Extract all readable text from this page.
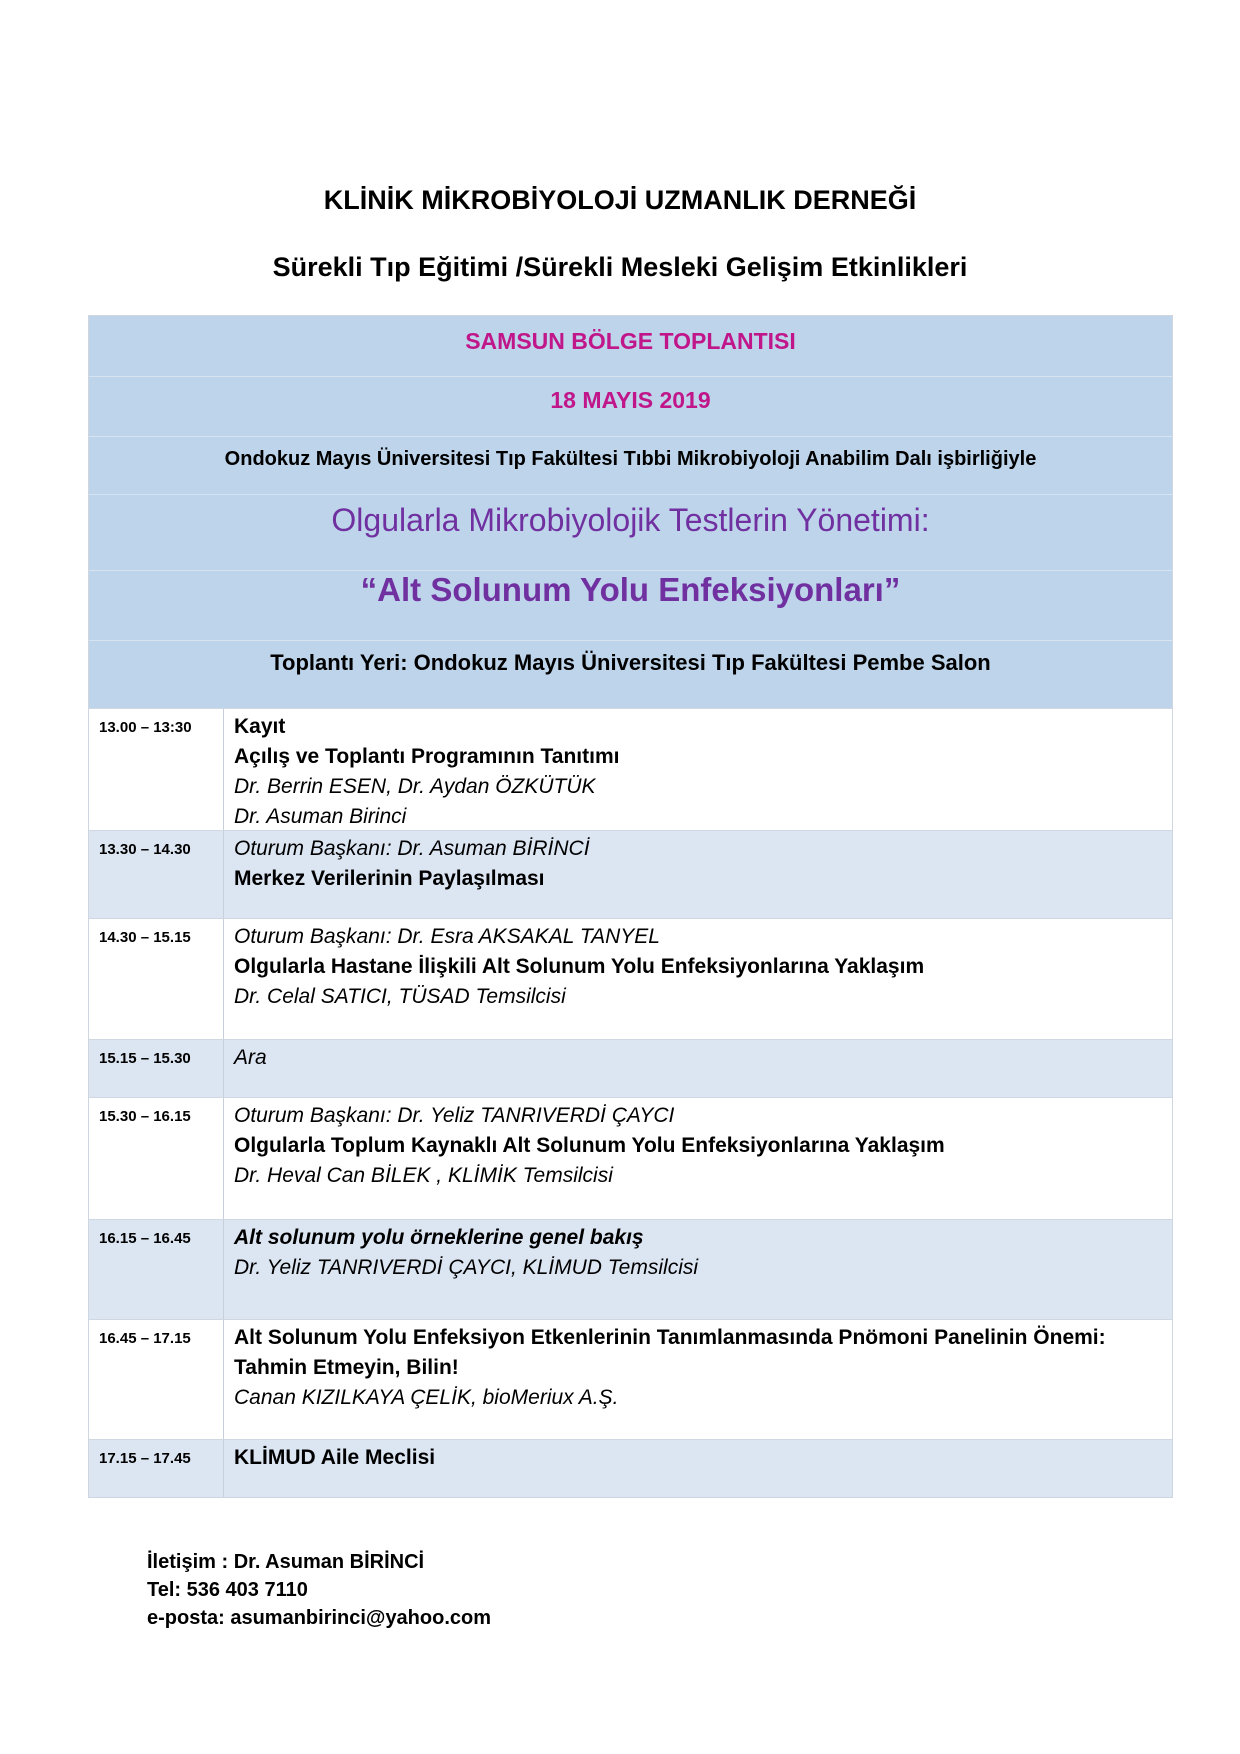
KLİNİK MİKROBİYOLOJİ UZMANLIK DERNEĞİ
Sürekli Tıp Eğitimi /Sürekli Mesleki Gelişim Etkinlikleri
SAMSUN BÖLGE TOPLANTISI
18 MAYIS 2019
Ondokuz Mayıs Üniversitesi Tıp Fakültesi Tıbbi Mikrobiyoloji Anabilim Dalı işbirliğiyle
Olgularla Mikrobiyolojik Testlerin Yönetimi:
“Alt Solunum Yolu Enfeksiyonları”
Toplantı Yeri: Ondokuz Mayıs Üniversitesi Tıp Fakültesi Pembe Salon
13.00 – 13:30	Kayıt
Açılış ve Toplantı Programının Tanıtımı
Dr. Berrin ESEN, Dr. Aydan ÖZKÜTÜK
Dr. Asuman Birinci
13.30 – 14.30	Oturum Başkanı: Dr. Asuman BİRİNCİ
Merkez Verilerinin Paylaşılması
14.30 – 15.15	Oturum Başkanı: Dr. Esra AKSAKAL TANYEL
Olgularla Hastane İlişkili Alt Solunum Yolu Enfeksiyonlarına Yaklaşım
Dr. Celal SATICI, TÜSAD Temsilcisi
15.15 – 15.30	Ara
15.30 – 16.15	Oturum Başkanı: Dr. Yeliz TANRIVERDİ ÇAYCI
Olgularla Toplum Kaynaklı Alt Solunum Yolu Enfeksiyonlarına Yaklaşım
Dr. Heval Can BİLEK , KLİMİK Temsilcisi
16.15 – 16.45	Alt solunum yolu örneklerine genel bakış
Dr. Yeliz TANRIVERDİ ÇAYCI, KLİMUD Temsilcisi
16.45 – 17.15	Alt Solunum Yolu Enfeksiyon Etkenlerinin Tanımlanmasında Pnömoni Panelinin Önemi:
Tahmin Etmeyin, Bilin!
Canan KIZILKAYA ÇELİK, bioMeriux A.Ş.
17.15 – 17.45	KLİMUD Aile Meclisi
İletişim : Dr. Asuman BİRİNCİ
Tel: 536 403 7110
e-posta: asumanbirinci@yahoo.com
